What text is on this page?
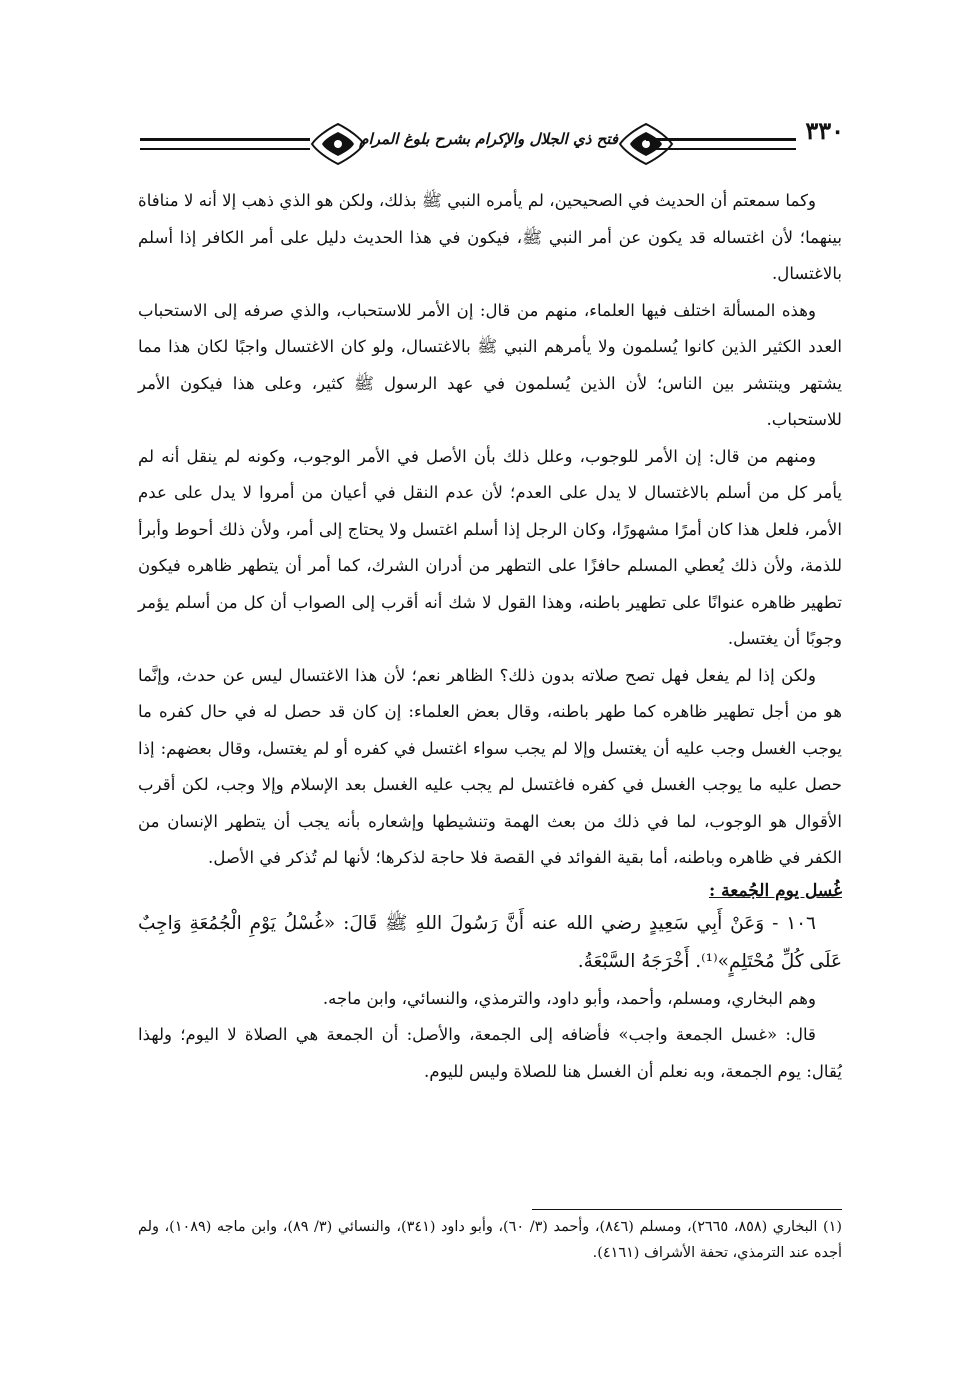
فتح ذي الجلال والإكرام بشرح بلوغ المرام	٣٣٠

وكما سمعتم أن الحديث في الصحيحين، لم يأمره النبي ﷺ بذلك، ولكن هو الذي ذهب إلا أنه لا منافاة بينهما؛ لأن اغتساله قد يكون عن أمر النبي ﷺ، فيكون في هذا الحديث دليل على أمر الكافر إذا أسلم بالاغتسال.

وهذه المسألة اختلف فيها العلماء، منهم من قال: إن الأمر للاستحباب، والذي صرفه إلى الاستحباب العدد الكثير الذين كانوا يُسلمون ولا يأمرهم النبي ﷺ بالاغتسال، ولو كان الاغتسال واجبًا لكان هذا مما يشتهر وينتشر بين الناس؛ لأن الذين يُسلمون في عهد الرسول ﷺ كثير، وعلى هذا فيكون الأمر للاستحباب.

ومنهم من قال: إن الأمر للوجوب، وعلل ذلك بأن الأصل في الأمر الوجوب، وكونه لم ينقل أنه لم يأمر كل من أسلم بالاغتسال لا يدل على العدم؛ لأن عدم النقل في أعيان من أمروا لا يدل على عدم الأمر، فلعل هذا كان أمرًا مشهورًا، وكان الرجل إذا أسلم اغتسل ولا يحتاج إلى أمر، ولأن ذلك أحوط وأبرأ للذمة، ولأن ذلك يُعطي المسلم حافزًا على التطهر من أدران الشرك، كما أمر أن يتطهر ظاهره فيكون تطهير ظاهره عنوانًا على تطهير باطنه، وهذا القول لا شك أنه أقرب إلى الصواب أن كل من أسلم يؤمر وجوبًا أن يغتسل.

ولكن إذا لم يفعل فهل تصح صلاته بدون ذلك؟ الظاهر نعم؛ لأن هذا الاغتسال ليس عن حدث، وإنَّما هو من أجل تطهير ظاهره كما طهر باطنه، وقال بعض العلماء: إن كان قد حصل له في حال كفره ما يوجب الغسل وجب عليه أن يغتسل وإلا لم يجب سواء اغتسل في كفره أو لم يغتسل، وقال بعضهم: إذا حصل عليه ما يوجب الغسل في كفره فاغتسل لم يجب عليه الغسل بعد الإسلام وإلا وجب، لكن أقرب الأقوال هو الوجوب، لما في ذلك من بعث الهمة وتنشيطها وإشعاره بأنه يجب أن يتطهر الإنسان من الكفر في ظاهره وباطنه، أما بقية الفوائد في القصة فلا حاجة لذكرها؛ لأنها لم تُذكر في الأصل.

غُسل يوم الجُمعة :

١٠٦ - وَعَنْ أَبِي سَعِيدٍ رضي الله عنه أَنَّ رَسُولَ اللهِ ﷺ قَالَ: «غُسْلُ يَوْمِ الْجُمُعَةِ وَاجِبٌ عَلَى كُلِّ مُحْتَلِمٍ»⁽¹⁾. أَخْرَجَهُ السَّبْعَةُ.

وهم البخاري، ومسلم، وأحمد، وأبو داود، والترمذي، والنسائي، وابن ماجه.

قال: «غسل الجمعة واجب» فأضافه إلى الجمعة، والأصل: أن الجمعة هي الصلاة لا اليوم؛ ولهذا يُقال: يوم الجمعة، وبه نعلم أن الغسل هنا للصلاة وليس لليوم.

(١) البخاري (٨٥٨، ٢٦٦٥)، ومسلم (٨٤٦)، وأحمد (٣/ ٦٠)، وأبو داود (٣٤١)، والنسائي (٣/ ٨٩)، وابن ماجه (١٠٨٩)، ولم أجده عند الترمذي، تحفة الأشراف (٤١٦١).
